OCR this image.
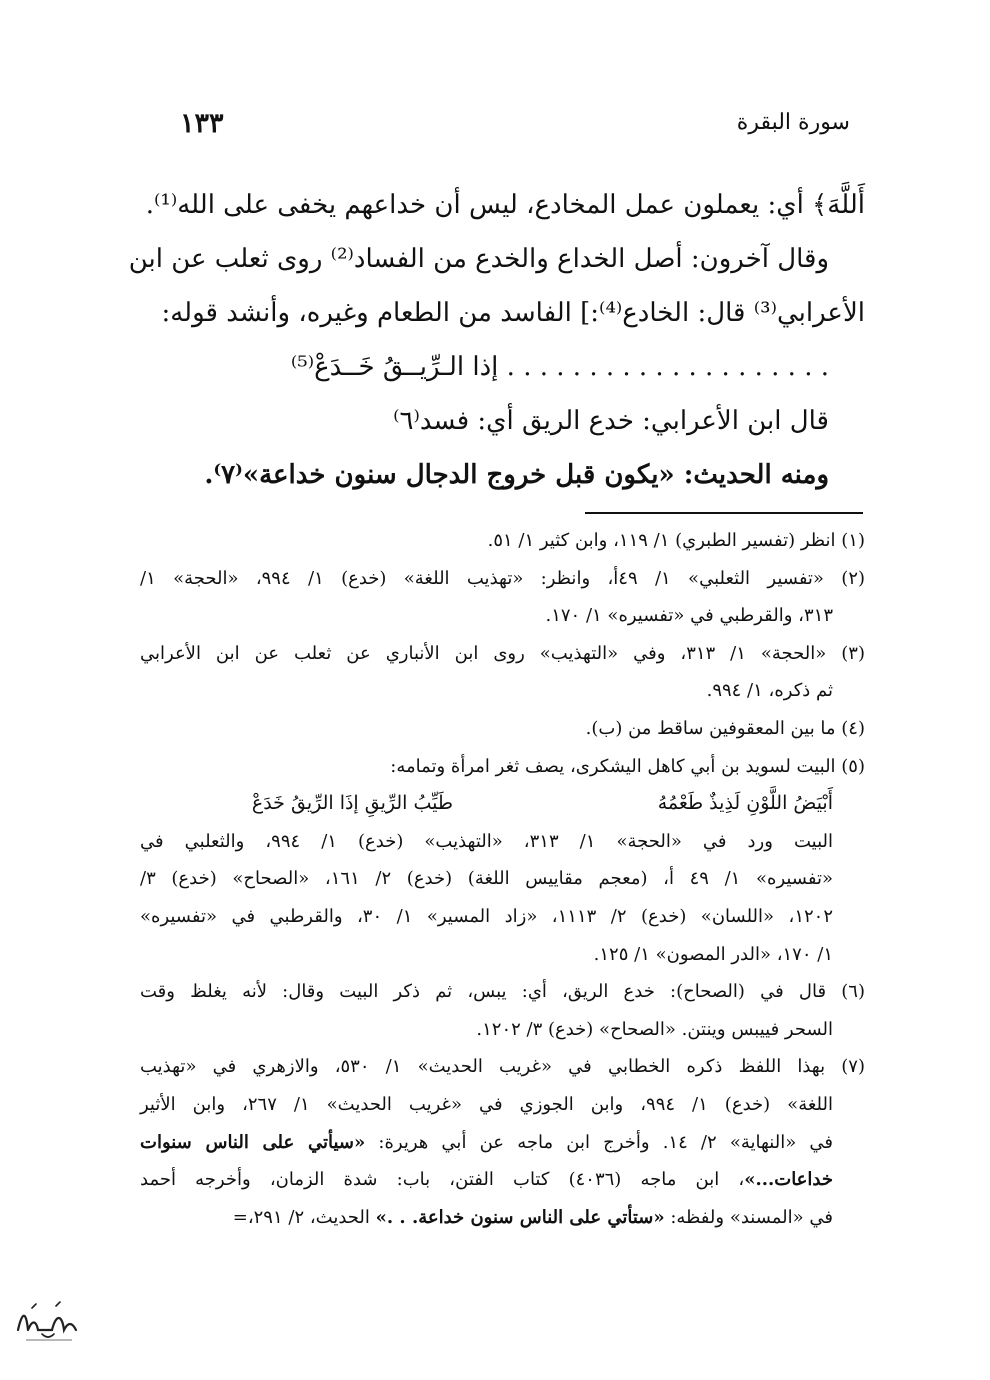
سورة البقرة
١٣٣
أَللَّهَ﴾ أي: يعملون عمل المخادع، ليس أن خداعهم يخفى على الله⁽¹⁾.
وقال آخرون: أصل الخداع والخدع من الفساد⁽²⁾ روى ثعلب عن ابن
الأعرابي⁽³⁾ قال: الخادع⁽⁴⁾:] الفاسد من الطعام وغيره، وأنشد قوله:
. . . . . . . . . . . . . . . . . . . . إذا الـرِّيــقُ خَــدَعْ⁽⁵⁾
قال ابن الأعرابي: خدع الريق أي: فسد⁽٦⁾
ومنه الحديث: «يكون قبل خروج الدجال سنون خداعة»⁽٧⁾.
(١) انظر (تفسير الطبري) ١/ ١١٩، وابن كثير ١/ ٥١.
(٢) «تفسير الثعلبي» ١/ ٤٩أ، وانظر: «تهذيب اللغة» (خدع) ١/ ٩٩٤، «الحجة» ١/
٣١٣، والقرطبي في «تفسيره» ١/ ١٧٠.
(٣) «الحجة» ١/ ٣١٣، وفي «التهذيب» روى ابن الأنباري عن ثعلب عن ابن الأعرابي
ثم ذكره، ١/ ٩٩٤.
(٤) ما بين المعقوفين ساقط من (ب).
(٥) البيت لسويد بن أبي كاهل اليشكرى، يصف ثغر امرأة وتمامه:
أَبْيَضُ اللَّوْنِ لَذِيذٌ طَعْمُهُطَيِّبُ الرِّيقِ إذَا الرِّيقُ خَدَعْ
البيت ورد في «الحجة» ١/ ٣١٣، «التهذيب» (خدع) ١/ ٩٩٤، والثعلبي في
«تفسيره» ١/ ٤٩ أ، (معجم مقاييس اللغة) (خدع) ٢/ ١٦١، «الصحاح» (خدع) ٣/
١٢٠٢، «اللسان» (خدع) ٢/ ١١١٣، «زاد المسير» ١/ ٣٠، والقرطبي في «تفسيره»
١/ ١٧٠، «الدر المصون» ١/ ١٢٥.
(٦) قال في (الصحاح): خدع الريق، أي: يبس، ثم ذكر البيت وقال: لأنه يغلظ وقت
السحر فييبس وينتن. «الصحاح» (خدع) ٣/ ١٢٠٢.
(٧) بهذا اللفظ ذكره الخطابي في «غريب الحديث» ١/ ٥٣٠، والازهري في «تهذيب
اللغة» (خدع) ١/ ٩٩٤، وابن الجوزي في «غريب الحديث» ١/ ٢٦٧، وابن الأثير
في «النهاية» ٢/ ١٤. وأخرج ابن ماجه عن أبي هريرة: «سيأتي على الناس سنوات
خداعات...»، ابن ماجه (٤٠٣٦) كتاب الفتن، باب: شدة الزمان، وأخرجه أحمد
في «المسند» ولفظه: «ستأتي على الناس سنون خداعة. . .» الحديث، ٢/ ٢٩١،=
